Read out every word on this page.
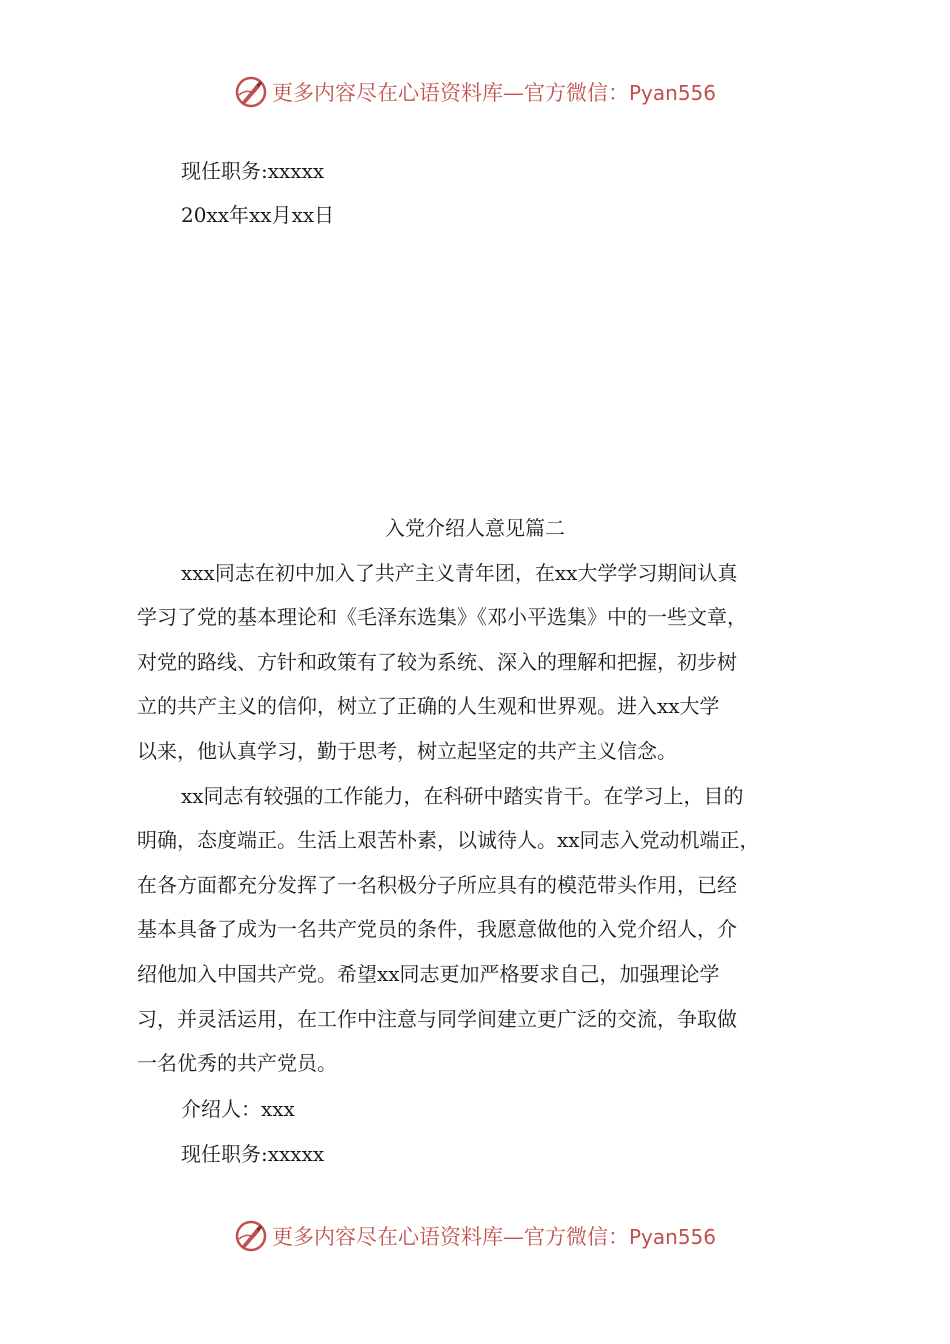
更多内容尽在心语资料库—官方微信：Pyan556
现任职务:xxxxx
20xx年xx月xx日
入党介绍人意见篇二
xxx同志在初中加入了共产主义青年团，在xx大学学习期间认真
学习了党的基本理论和《毛泽东选集》《邓小平选集》中的一些文章，
对党的路线、方针和政策有了较为系统、深入的理解和把握，初步树
立的共产主义的信仰，树立了正确的人生观和世界观。进入xx大学
以来，他认真学习，勤于思考，树立起坚定的共产主义信念。
xx同志有较强的工作能力，在科研中踏实肯干。在学习上，目的
明确，态度端正。生活上艰苦朴素，以诚待人。xx同志入党动机端正，
在各方面都充分发挥了一名积极分子所应具有的模范带头作用，已经
基本具备了成为一名共产党员的条件，我愿意做他的入党介绍人，介
绍他加入中国共产党。希望xx同志更加严格要求自己，加强理论学
习，并灵活运用，在工作中注意与同学间建立更广泛的交流，争取做
一名优秀的共产党员。
介绍人：xxx
现任职务:xxxxx
更多内容尽在心语资料库—官方微信：Pyan556
